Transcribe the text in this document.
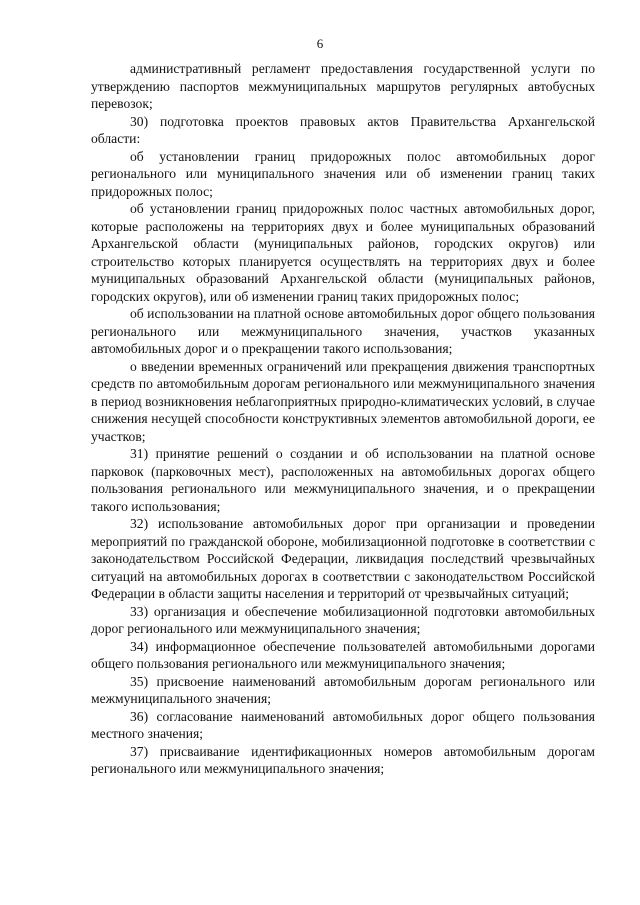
6

административный регламент предоставления государственной услуги по утверждению паспортов межмуниципальных маршрутов регулярных автобусных перевозок;

30) подготовка проектов правовых актов Правительства Архангельской области:

об установлении границ придорожных полос автомобильных дорог регионального или муниципального значения или об изменении границ таких придорожных полос;

об установлении границ придорожных полос частных автомобильных дорог, которые расположены на территориях двух и более муниципальных образований Архангельской области (муниципальных районов, городских округов) или строительство которых планируется осуществлять на территориях двух и более муниципальных образований Архангельской области (муниципальных районов, городских округов), или об изменении границ таких придорожных полос;

об использовании на платной основе автомобильных дорог общего пользования регионального или межмуниципального значения, участков указанных автомобильных дорог и о прекращении такого использования;

о введении временных ограничений или прекращения движения транспортных средств по автомобильным дорогам регионального или межмуниципального значения в период возникновения неблагоприятных природно-климатических условий, в случае снижения несущей способности конструктивных элементов автомобильной дороги, ее участков;

31) принятие решений о создании и об использовании на платной основе парковок (парковочных мест), расположенных на автомобильных дорогах общего пользования регионального или межмуниципального значения, и о прекращении такого использования;

32) использование автомобильных дорог при организации и проведении мероприятий по гражданской обороне, мобилизационной подготовке в соответствии с законодательством Российской Федерации, ликвидация последствий чрезвычайных ситуаций на автомобильных дорогах в соответствии с законодательством Российской Федерации в области защиты населения и территорий от чрезвычайных ситуаций;

33) организация и обеспечение мобилизационной подготовки автомобильных дорог регионального или межмуниципального значения;

34) информационное обеспечение пользователей автомобильными дорогами общего пользования регионального или межмуниципального значения;

35) присвоение наименований автомобильным дорогам регионального или межмуниципального значения;

36) согласование наименований автомобильных дорог общего пользования местного значения;

37) присваивание идентификационных номеров автомобильным дорогам регионального или межмуниципального значения;
